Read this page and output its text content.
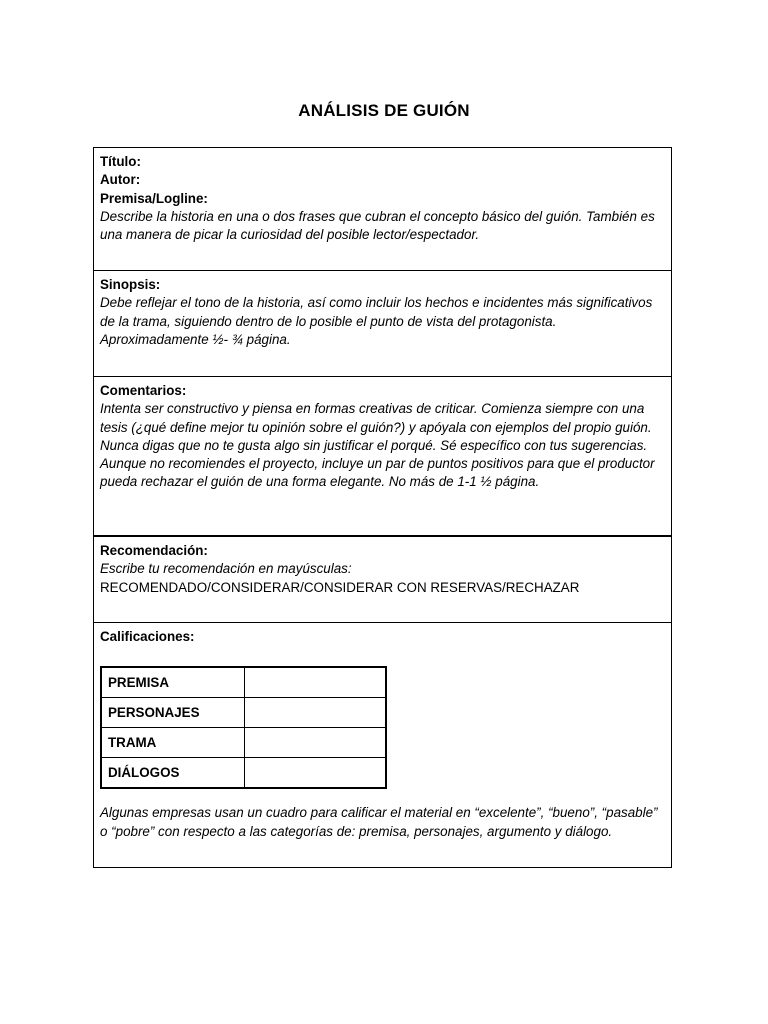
ANÁLISIS DE GUIÓN
Título:
Autor:
Premisa/Logline:
Describe la historia en una o dos frases que cubran el concepto básico del guión. También es una manera de picar la curiosidad del posible lector/espectador.
Sinopsis:
Debe reflejar el tono de la historia, así como incluir los hechos e incidentes más significativos de la trama, siguiendo dentro de lo posible el punto de vista del protagonista. Aproximadamente ½- ¾ página.
Comentarios:
Intenta ser constructivo y piensa en formas creativas de criticar. Comienza siempre con una tesis (¿qué define mejor tu opinión sobre el guión?) y apóyala con ejemplos del propio guión. Nunca digas que no te gusta algo sin justificar el porqué. Sé específico con tus sugerencias. Aunque no recomiendes el proyecto, incluye un par de puntos positivos para que el productor pueda rechazar el guión de una forma elegante. No más de 1-1 ½ página.
Recomendación:
Escribe tu recomendación en mayúsculas:
RECOMENDADO/CONSIDERAR/CONSIDERAR CON RESERVAS/RECHAZAR
Calificaciones:
PREMISA	
PERSONAJES	
TRAMA	
DIÁLOGOS	
Algunas empresas usan un cuadro para calificar el material en “excelente”, “bueno”, “pasable” o “pobre” con respecto a las categorías de: premisa, personajes, argumento y diálogo.
